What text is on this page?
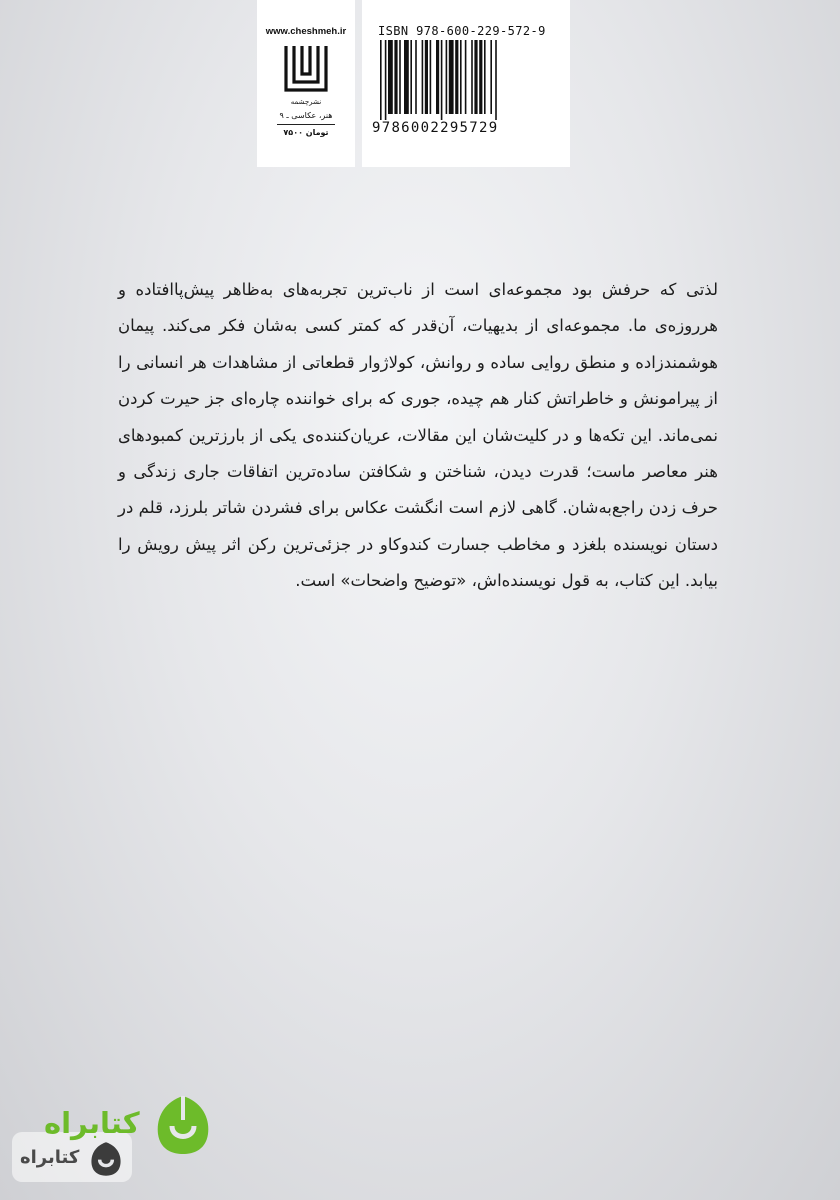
www.cheshmeh.ir
نشرچشمه
هنر، عکاسی ـ ۹
۷۵۰۰ تومان
ISBN 978-600-229-572-9
9786002295729

لذتی که حرفش بود مجموعه‌ای است از ناب‌ترین تجربه‌های به‌ظاهر پیش‌پاافتاده و هرروزه‌ی ما. مجموعه‌ای از بدیهیات، آن‌قدر که کمتر کسی به‌شان فکر می‌کند. پیمان هوشمندزاده و منطق روایی ساده و روانش، کولاژوار قطعاتی از مشاهدات هر انسانی را از پیرامونش و خاطراتش کنار هم چیده، جوری که برای خواننده چاره‌ای جز حیرت کردن نمی‌ماند. این تکه‌ها و در کلیت‌شان این مقالات، عریان‌کننده‌ی یکی از بارزترین کمبودهای هنر معاصر ماست؛ قدرت دیدن، شناختن و شکافتن ساده‌ترین اتفاقات جاری زندگی و حرف زدن راجع‌به‌شان. گاهی لازم است انگشت عکاس برای فشردن شاتر بلرزد، قلم در دستان نویسنده بلغزد و مخاطب جسارت کندوکاو در جزئی‌ترین رکن اثر پیش رویش را بیابد. این کتاب، به قول نویسنده‌اش، «توضیح واضحات» است.

کتابراه
کتابراه
